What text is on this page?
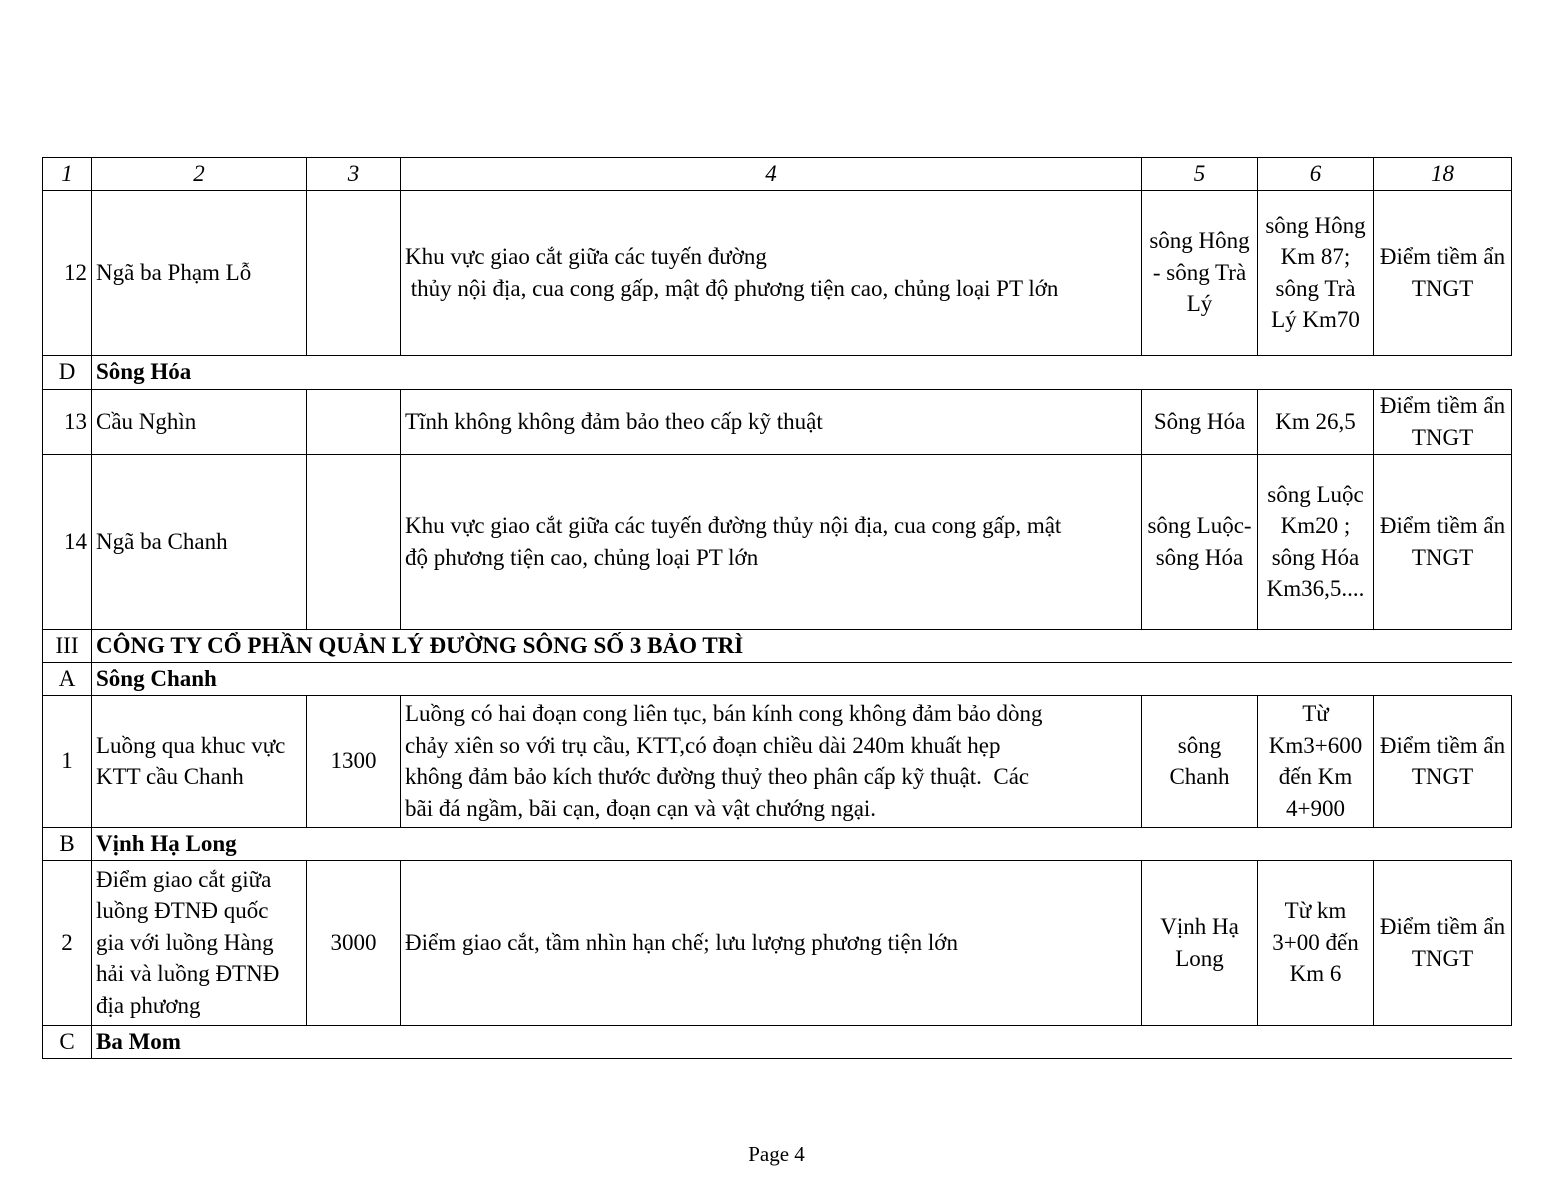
1	2	3	4	5	6	18
12	Ngã ba Phạm Lỗ		Khu vực giao cắt giữa các tuyến đường
thủy nội địa, cua cong gấp, mật độ phương tiện cao, chủng loại PT lớn	sông Hông - sông Trà Lý	sông Hông Km 87; sông Trà Lý Km70	Điểm tiềm ẩn TNGT
D	Sông Hóa					
13	Cầu Nghìn		Tĩnh không không đảm bảo theo cấp kỹ thuật	Sông Hóa	Km 26,5	Điểm tiềm ẩn TNGT
14	Ngã ba Chanh		Khu vực giao cắt giữa các tuyến đường thủy nội địa, cua cong gấp, mật
độ phương tiện cao, chủng loại PT lớn	sông Luộc- sông Hóa	sông Luộc Km20 ; sông Hóa Km36,5....	Điểm tiềm ẩn TNGT
III	CÔNG TY CỔ PHẦN QUẢN LÝ ĐƯỜNG SÔNG SỐ 3 BẢO TRÌ					
A	Sông Chanh					
1	Luồng qua khuc vực KTT cầu Chanh	1300	Luồng có hai đoạn cong liên tục, bán kính cong không đảm bảo dòng
chảy xiên so với trụ cầu, KTT,có đoạn chiều dài 240m khuất hẹp
không đảm bảo kích thước đường thuỷ theo phân cấp kỹ thuật.  Các
bãi đá ngầm, bãi cạn, đoạn cạn và vật chướng ngại.	sông Chanh	Từ Km3+600 đến Km 4+900	Điểm tiềm ẩn TNGT
B	Vịnh Hạ Long					
2	Điểm giao cắt giữa luồng ĐTNĐ quốc gia với luồng Hàng hải và luồng ĐTNĐ địa phương	3000	Điểm giao cắt, tầm nhìn hạn chế; lưu lượng phương tiện lớn	Vịnh Hạ Long	Từ km 3+00 đến Km 6	Điểm tiềm ẩn TNGT
C	Ba Mom					
Page 4
